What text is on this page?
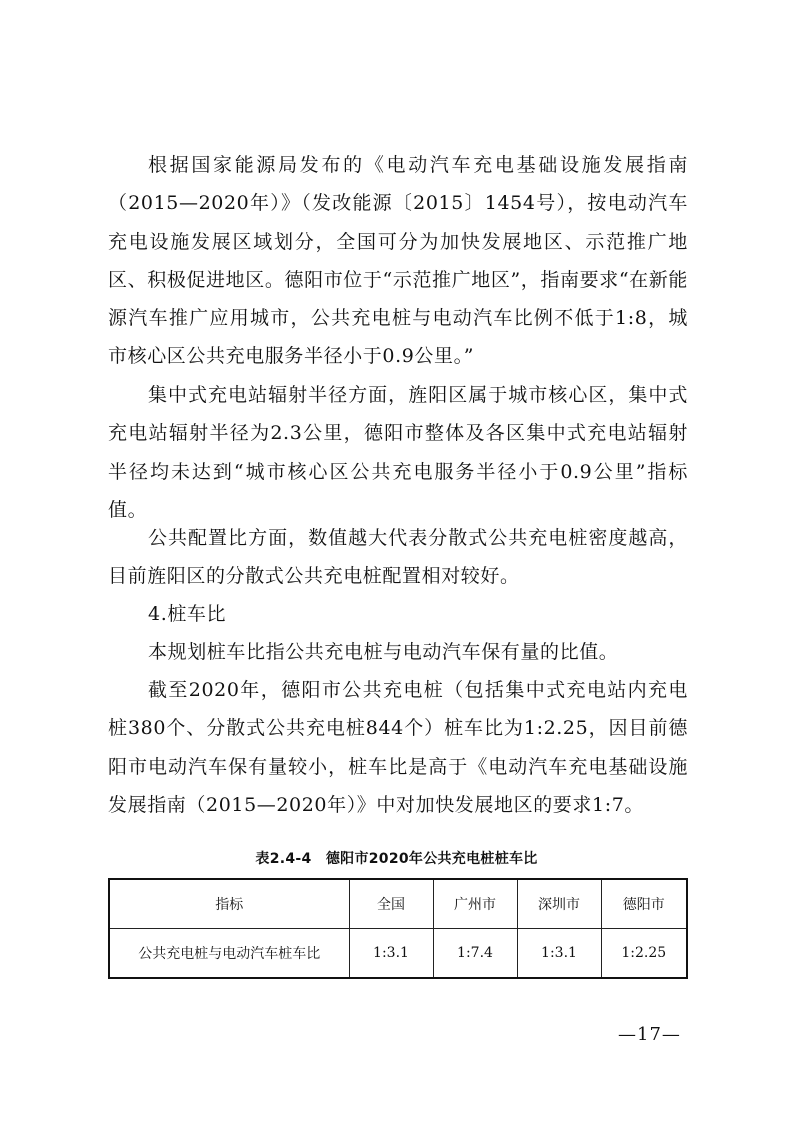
根据国家能源局发布的《电动汽车充电基础设施发展指南（2015—2020年）》（发改能源〔2015〕1454号），按电动汽车充电设施发展区域划分，全国可分为加快发展地区、示范推广地区、积极促进地区。德阳市位于“示范推广地区”，指南要求“在新能源汽车推广应用城市，公共充电桩与电动汽车比例不低于1:8，城市核心区公共充电服务半径小于0.9公里。”

集中式充电站辐射半径方面，旌阳区属于城市核心区，集中式充电站辐射半径为2.3公里，德阳市整体及各区集中式充电站辐射半径均未达到“城市核心区公共充电服务半径小于0.9公里”指标值。

公共配置比方面，数值越大代表分散式公共充电桩密度越高，目前旌阳区的分散式公共充电桩配置相对较好。

4.桩车比

本规划桩车比指公共充电桩与电动汽车保有量的比值。

截至2020年，德阳市公共充电桩（包括集中式充电站内充电桩380个、分散式公共充电桩844个）桩车比为1:2.25，因目前德阳市电动汽车保有量较小，桩车比是高于《电动汽车充电基础设施发展指南（2015—2020年）》中对加快发展地区的要求1:7。

表2.4-4　德阳市2020年公共充电桩桩车比
指标	全国	广州市	深圳市	德阳市
公共充电桩与电动汽车桩车比	1:3.1	1:7.4	1:3.1	1:2.25
—17—
